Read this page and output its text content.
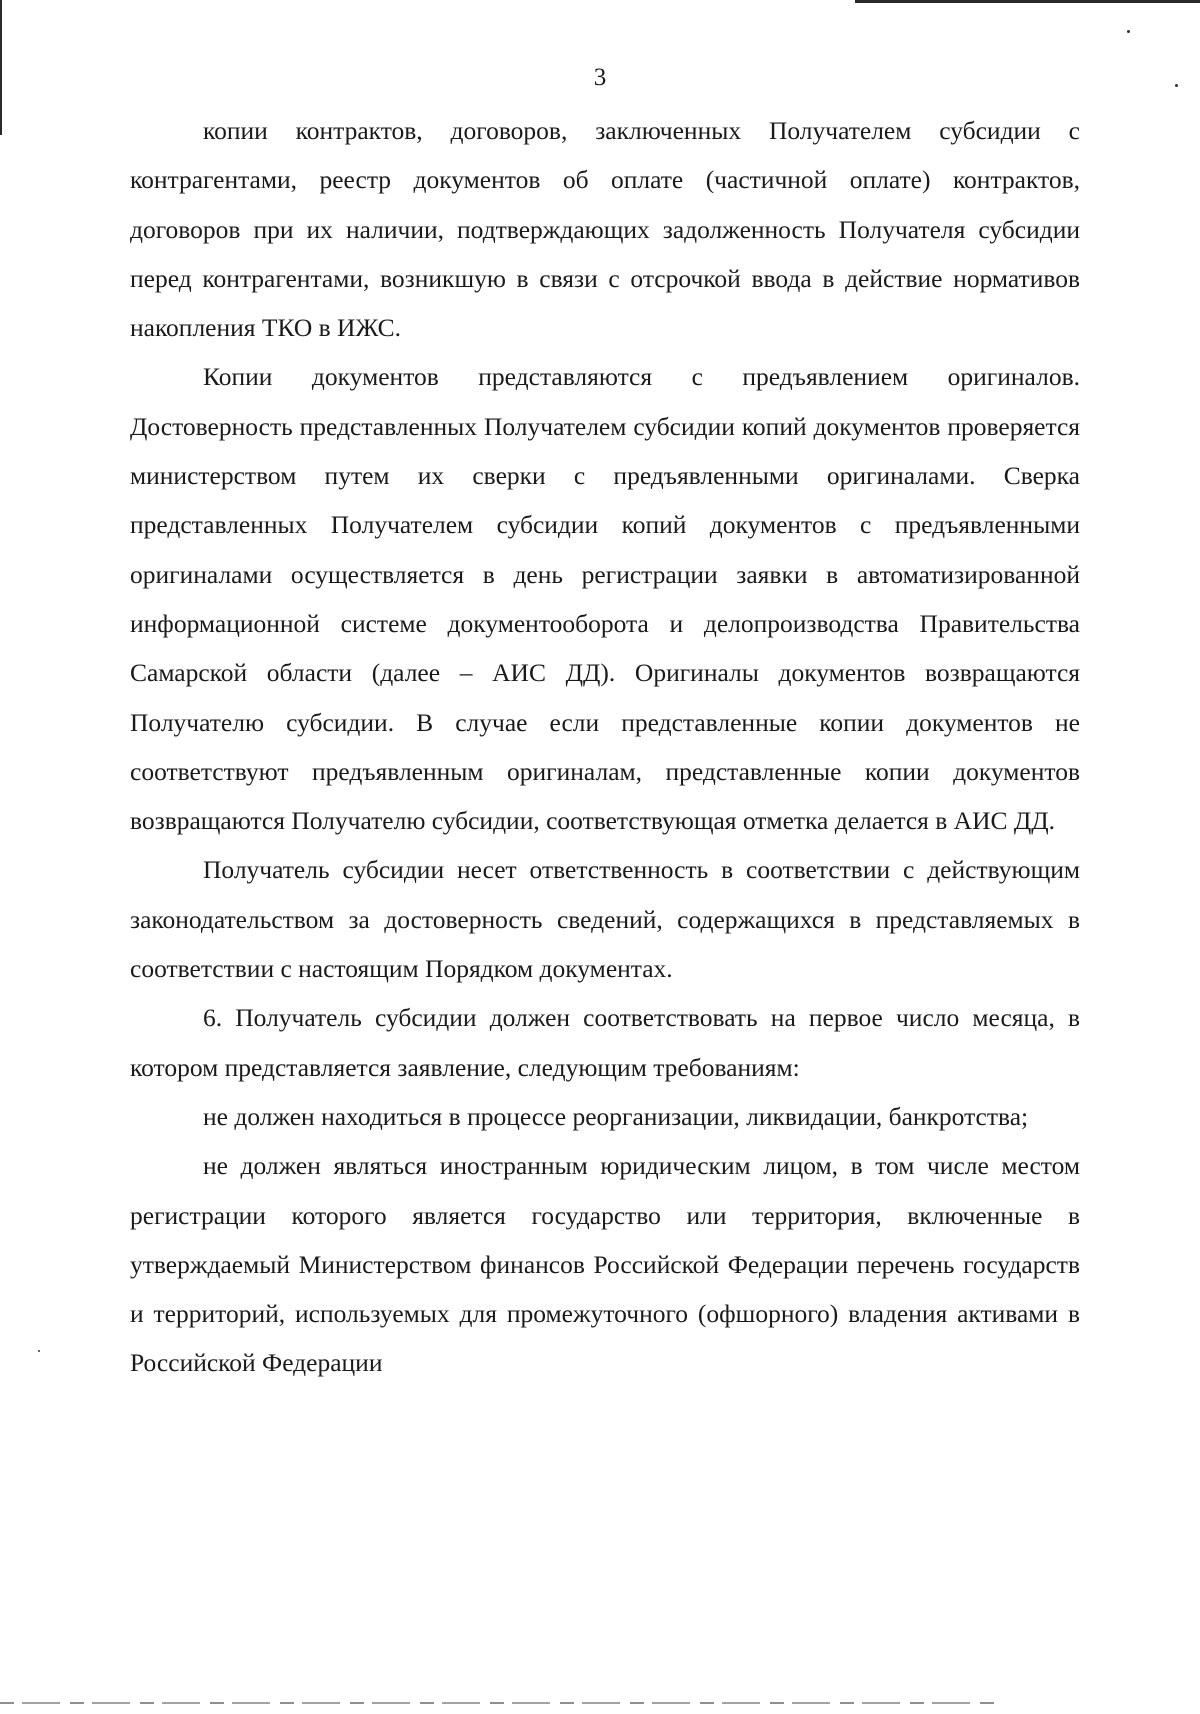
3

копии контрактов, договоров, заключенных Получателем субсидии с контрагентами, реестр документов об оплате (частичной оплате) контрактов, договоров при их наличии, подтверждающих задолженность Получателя субсидии перед контрагентами, возникшую в связи с отсрочкой ввода в действие нормативов накопления ТКО в ИЖС.

Копии документов представляются с предъявлением оригиналов. Достоверность представленных Получателем субсидии копий документов проверяется министерством путем их сверки с предъявленными оригиналами. Сверка представленных Получателем субсидии копий документов с предъявленными оригиналами осуществляется в день регистрации заявки в автоматизированной информационной системе документооборота и делопроизводства Правительства Самарской области (далее – АИС ДД). Оригиналы документов возвращаются Получателю субсидии. В случае если представленные копии документов не соответствуют предъявленным оригиналам, представленные копии документов возвращаются Получателю субсидии, соответствующая отметка делается в АИС ДД.

Получатель субсидии несет ответственность в соответствии с действующим законодательством за достоверность сведений, содержащихся в представляемых в соответствии с настоящим Порядком документах.

6. Получатель субсидии должен соответствовать на первое число месяца, в котором представляется заявление, следующим требованиям:

не должен находиться в процессе реорганизации, ликвидации, банкротства;

не должен являться иностранным юридическим лицом, в том числе местом регистрации которого является государство или территория, включенные в утверждаемый Министерством финансов Российской Федерации перечень государств и территорий, используемых для промежуточного (офшорного) владения активами в Российской Федерации
